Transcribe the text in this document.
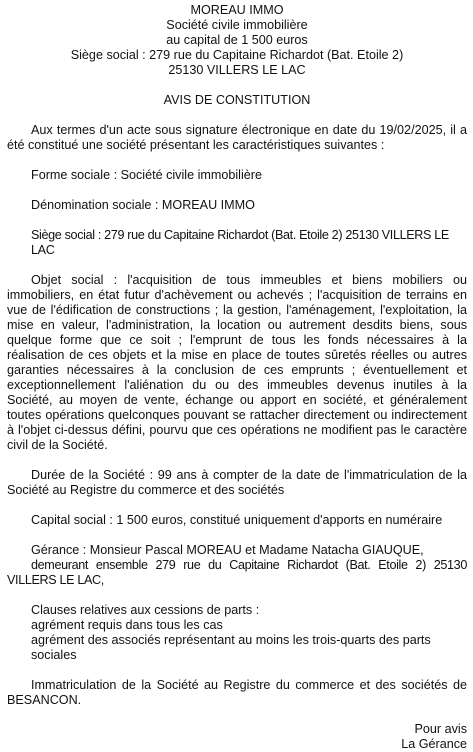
MOREAU IMMO
Société civile immobilière
au capital de 1 500 euros
Siège social : 279 rue du Capitaine Richardot (Bat. Etoile 2)
25130 VILLERS LE LAC
AVIS DE CONSTITUTION

Aux termes d'un acte sous signature électronique en date du 19/02/2025, il a été constitué une société présentant les caractéristiques suivantes :

Forme sociale : Société civile immobilière
Dénomination sociale : MOREAU IMMO
Siège social : 279 rue du Capitaine Richardot (Bat. Etoile 2) 25130 VILLERS LE LAC

Objet social : l'acquisition de tous immeubles et biens mobiliers ou immobiliers, en état futur d'achèvement ou achevés ; l'acquisition de terrains en vue de l'édification de constructions ; la gestion, l'aménagement, l'exploitation, la mise en valeur, l'administration, la location ou autrement desdits biens, sous quelque forme que ce soit ; l'emprunt de tous les fonds nécessaires à la réalisation de ces objets et la mise en place de toutes sûretés réelles ou autres garanties nécessaires à la conclusion de ces emprunts ; éventuellement et exceptionnellement l'aliénation du ou des immeubles devenus inutiles à la Société, au moyen de vente, échange ou apport en société, et généralement toutes opérations quelconques pouvant se rattacher directement ou indirectement à l'objet ci-dessus défini, pourvu que ces opérations ne modifient pas le caractère civil de la Société.

Durée de la Société : 99 ans à compter de la date de l'immatriculation de la Société au Registre du commerce et des sociétés

Capital social : 1 500 euros, constitué uniquement d'apports en numéraire
Gérance : Monsieur Pascal MOREAU et Madame Natacha GIAUQUE,
demeurant ensemble 279 rue du Capitaine Richardot (Bat. Etoile 2) 25130 VILLERS LE LAC,
Clauses relatives aux cessions de parts :
agrément requis dans tous les cas
agrément des associés représentant au moins les trois-quarts des parts sociales

Immatriculation de la Société au Registre du commerce et des sociétés de BESANCON.

Pour avis
La Gérance
